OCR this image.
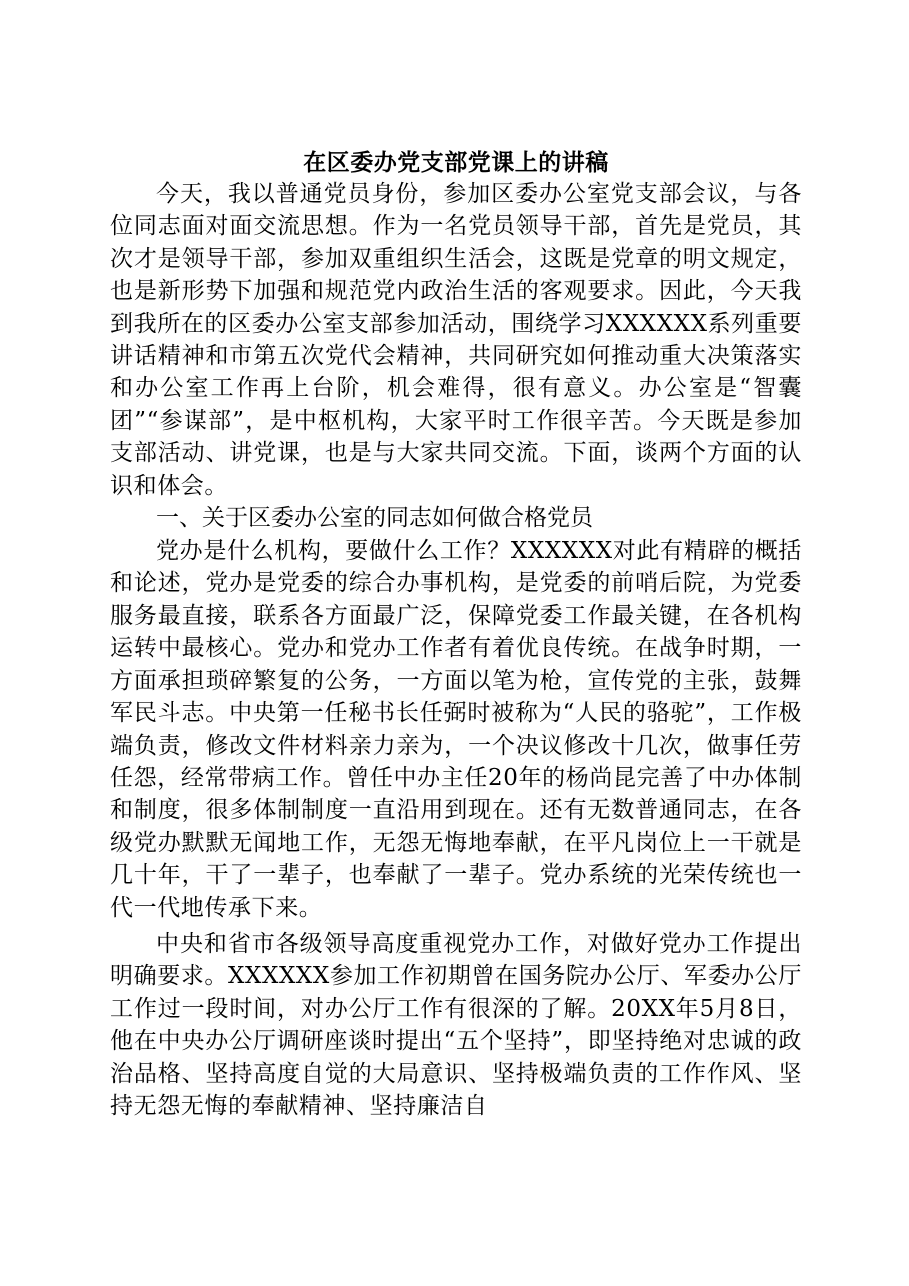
在区委办党支部党课上的讲稿

今天，我以普通党员身份，参加区委办公室党支部会议，与各位同志面对面交流思想。作为一名党员领导干部，首先是党员，其次才是领导干部，参加双重组织生活会，这既是党章的明文规定，也是新形势下加强和规范党内政治生活的客观要求。因此，今天我到我所在的区委办公室支部参加活动，围绕学习XXXXXX系列重要讲话精神和市第五次党代会精神，共同研究如何推动重大决策落实和办公室工作再上台阶，机会难得，很有意义。办公室是“智囊团”“参谋部”，是中枢机构，大家平时工作很辛苦。今天既是参加支部活动、讲党课，也是与大家共同交流。下面，谈两个方面的认识和体会。

一、关于区委办公室的同志如何做合格党员

党办是什么机构，要做什么工作？XXXXXX对此有精辟的概括和论述，党办是党委的综合办事机构，是党委的前哨后院，为党委服务最直接，联系各方面最广泛，保障党委工作最关键，在各机构运转中最核心。党办和党办工作者有着优良传统。在战争时期，一方面承担琐碎繁复的公务，一方面以笔为枪，宣传党的主张，鼓舞军民斗志。中央第一任秘书长任弼时被称为“人民的骆驼”，工作极端负责，修改文件材料亲力亲为，一个决议修改十几次，做事任劳任怨，经常带病工作。曾任中办主任20年的杨尚昆完善了中办体制和制度，很多体制制度一直沿用到现在。还有无数普通同志，在各级党办默默无闻地工作，无怨无悔地奉献，在平凡岗位上一干就是几十年，干了一辈子，也奉献了一辈子。党办系统的光荣传统也一代一代地传承下来。

中央和省市各级领导高度重视党办工作，对做好党办工作提出明确要求。XXXXXX参加工作初期曾在国务院办公厅、军委办公厅工作过一段时间，对办公厅工作有很深的了解。20XX年5月8日，他在中央办公厅调研座谈时提出“五个坚持”，即坚持绝对忠诚的政治品格、坚持高度自觉的大局意识、坚持极端负责的工作作风、坚持无怨无悔的奉献精神、坚持廉洁自
